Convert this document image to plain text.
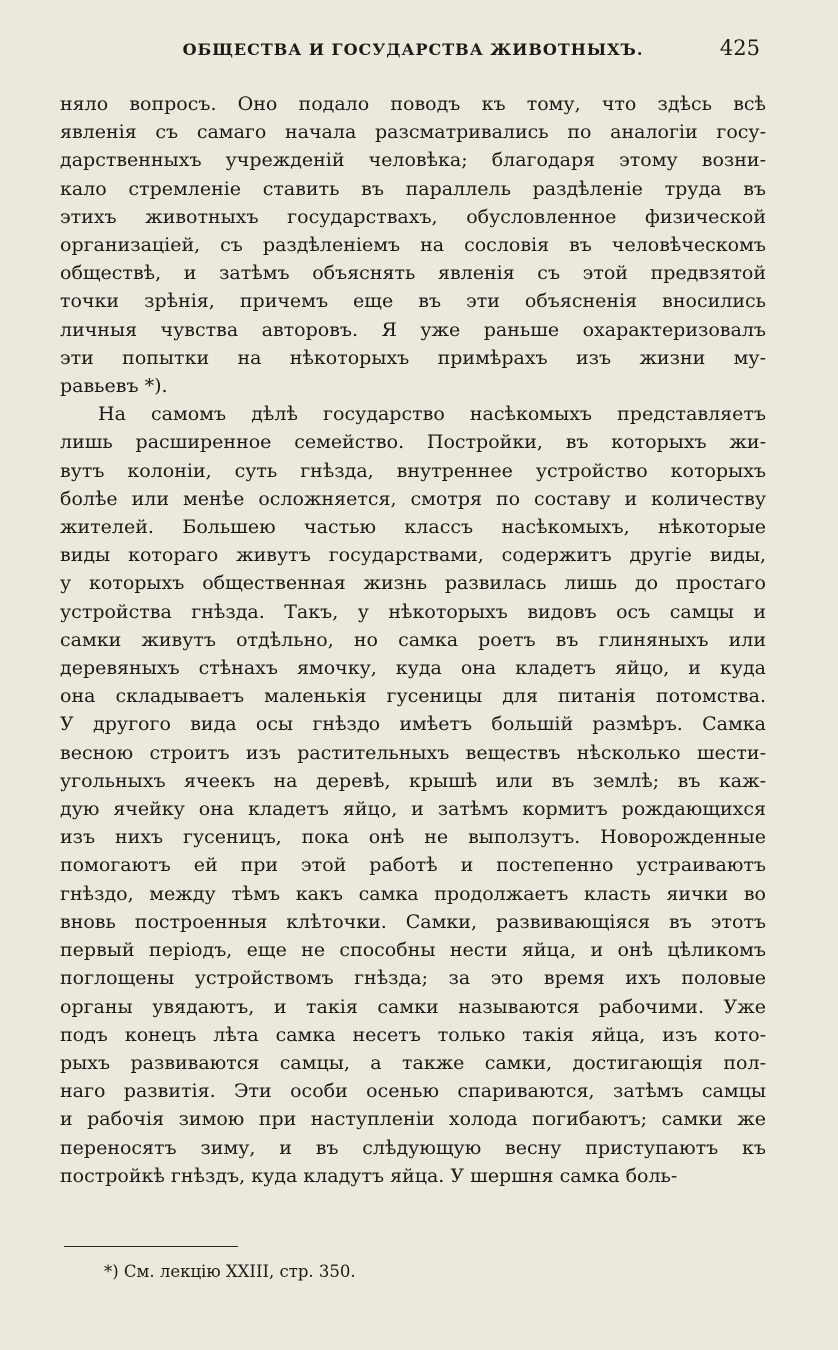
ОБЩЕСТВА И ГОСУДАРСТВА ЖИВОТНЫХЪ.	425

няло вопросъ. Оно подало поводъ къ тому, что здѣсь всѣ
явленія съ самаго начала разсматривались по аналогіи госу-
дарственныхъ учрежденій человѣка; благодаря этому возни-
кало стремленіе ставить въ параллель раздѣленіе труда въ
этихъ животныхъ государствахъ, обусловленное физической
организаціей, съ раздѣленіемъ на сословія въ человѣческомъ
обществѣ, и затѣмъ объяснять явленія съ этой предвзятой
точки зрѣнія, причемъ еще въ эти объясненія вносились
личныя чувства авторовъ. Я уже раньше охарактеризовалъ
эти попытки на нѣкоторыхъ примѣрахъ изъ жизни му-
равьевъ *).

На самомъ дѣлѣ государство насѣкомыхъ представляетъ
лишь расширенное семейство. Постройки, въ которыхъ жи-
вутъ колоніи, суть гнѣзда, внутреннее устройство которыхъ
болѣе или менѣе осложняется, смотря по составу и количеству
жителей. Большею частью классъ насѣкомыхъ, нѣкоторые
виды котораго живутъ государствами, содержитъ другіе виды,
у которыхъ общественная жизнь развилась лишь до простаго
устройства гнѣзда. Такъ, у нѣкоторыхъ видовъ осъ самцы и
самки живутъ отдѣльно, но самка роетъ въ глиняныхъ или
деревяныхъ стѣнахъ ямочку, куда она кладетъ яйцо, и куда
она складываетъ маленькія гусеницы для питанія потомства.
У другого вида осы гнѣздо имѣетъ большій размѣръ. Самка
весною строитъ изъ растительныхъ веществъ нѣсколько шести-
угольныхъ ячеекъ на деревѣ, крышѣ или въ землѣ; въ каж-
дую ячейку она кладетъ яйцо, и затѣмъ кормитъ рождающихся
изъ нихъ гусеницъ, пока онѣ не выползутъ. Новорожденные
помогаютъ ей при этой работѣ и постепенно устраиваютъ
гнѣздо, между тѣмъ какъ самка продолжаетъ класть яички во
вновь построенныя клѣточки. Самки, развивающіяся въ этотъ
первый періодъ, еще не способны нести яйца, и онѣ цѣликомъ
поглощены устройствомъ гнѣзда; за это время ихъ половые
органы увядаютъ, и такія самки называются рабочими. Уже
подъ конецъ лѣта самка несетъ только такія яйца, изъ кото-
рыхъ развиваются самцы, а также самки, достигающія пол-
наго развитія. Эти особи осенью спариваются, затѣмъ самцы
и рабочія зимою при наступленіи холода погибаютъ; самки же
переносятъ зиму, и въ слѣдующую весну приступаютъ къ
постройкѣ гнѣздъ, куда кладутъ яйца. У шершня самка боль-

*) См. лекцію XXIII, стр. 350.
